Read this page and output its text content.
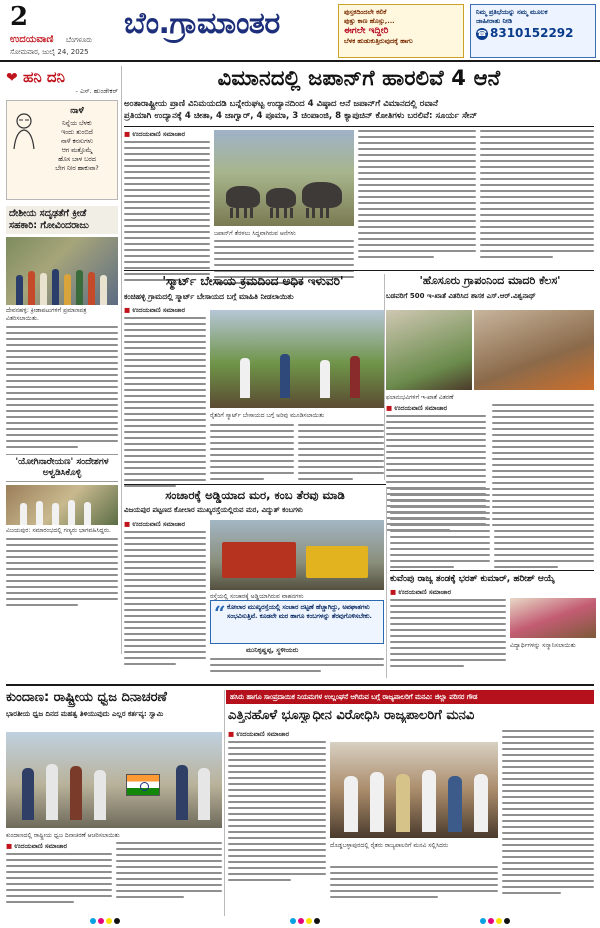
2
ಉದಯವಾಣಿ ಬೆಂಗಳೂರು
ಸೋಮವಾರ, ಜುಲೈ 24, 2025
ಬೆಂ.ಗ್ರಾಮಾಂತರ	ಪುಸ್ತಕದಿಂದಲೇ ಕಲಿಕೆ
ಪುತ್ತು ಕಾಣ ಹೊಸ್ಸು,...
ಈಗಲೇ ಇದ್ದೀರಿ
ಬೆಳಕ ಹುಡುಕುತ್ತಿರುವುದಕ್ಕೆ ಹಾಗು
ನಿಮ್ಮ ಪ್ರತಿಭೆಯನ್ನು ನಮ್ಮ ಮೂಲಕ
ಜಾಹೀರಾತು ನೀಡಿ
☎ 8310152292
❤ ಹನಿ ದನಿ
- ಎಸ್. ಹುಂಡೇಕರ್
ನಾಳೆ
ನಿನ್ನೆಯ ಬೆಳಕು
ಇಂದು ತುಂಬಿದೆ
ನಾಳೆ ಕನಸುಗಳು
ಆಗ ಮತ್ತೊಮ್ಮೆ
ಹೊಸ ಬಾಳ ಬರದ
ಬೇಗ ನೀರ ಹಾಕುವಾ?
ದೇಶೀಯ ಸದೃಢತೆಗೆ ಕ್ರೀಡೆ ಸಹಕಾರಿ: ಗೋವಿಂದರಾಜು
ದೇವನಹಳ್ಳಿ: ಕ್ರೀಡಾಪಟುಗಳಿಗೆ ಪ್ರಮಾಣಪತ್ರ ವಿತರಿಸಲಾಯಿತು.
'ಯೋಗಿನಾರೇಯಣ' ಸಂದೇಶಗಳ ಅಳ್ವಡಿಸಿಕೊಳ್ಳಿ
ವಿಜಯಪುರ: ಸಮಾರಂಭದಲ್ಲಿ ಗಣ್ಯರು ಭಾಗವಹಿಸಿದ್ದರು.
ವಿಮಾನದಲ್ಲಿ ಜಪಾನ್‌ಗೆ ಹಾರಲಿವೆ 4 ಆನೆ
ಅಂತಾರಾಷ್ಟ್ರೀಯ ಪ್ರಾಣಿ ವಿನಿಮಯದಡಿ ಬನ್ನೇರುಘಟ್ಟ ಉದ್ಯಾನದಿಂದ 4 ವಿಷ್ಠಾದ ಆನೆ ಜಪಾನ್‌ಗೆ ವಿಮಾನದಲ್ಲಿ ರವಾನೆ
ಪ್ರತಿಯಾಗಿ ಉದ್ಯಾನಕ್ಕೆ 4 ಚೀತಾ, 4 ಜಾಗ್ವಾರ್, 4 ಪೂಮಾ, 3 ಚಿಂಪಾಂಜಿ, 8 ಕ್ಯಾಪುಚಿನ್ ಕೋತಿಗಳು ಬರಲಿವೆ: ಸೂರ್ಯ ಸೇನ್
■ ಉದಯವಾಣಿ ಸಮಾಚಾರ
ಜಪಾನ್‌ಗೆ ತೆರಳಲು ಸಿದ್ಧವಾಗಿರುವ ಆನೆಗಳು
'ಸ್ಮಾರ್ಟ್ ಬೇಸಾಯ ಕ್ರಮದಿಂದ ಅಧಿಕ ಇಳುವರಿ'
ಕಂಚಿಹಳ್ಳಿ ಗ್ರಾಮದಲ್ಲಿ ಸ್ಮಾರ್ಟ್ ಬೇಸಾಯದ ಬಗ್ಗೆ ಮಾಹಿತಿ ನೀಡಲಾಯಿತು
■ ಉದಯವಾಣಿ ಸಮಾಚಾರ
ರೈತರಿಗೆ ಸ್ಮಾರ್ಟ್ ಬೇಸಾಯದ ಬಗ್ಗೆ ಅರಿವು ಮೂಡಿಸಲಾಯಿತು
'ಹೊಸೂರು ಗ್ರಾಪಂನಿಂದ ಮಾದರಿ ಕೆಲಸ'
ಬಡವರಿಗೆ 500 ಇ-ಖಾತೆ ವಿತರಿಸಿದ ಶಾಸಕ ಎಸ್.ಆರ್.ವಿಶ್ವನಾಥ್
ಫಲಾನುಭವಿಗಳಿಗೆ ಇ-ಖಾತೆ ವಿತರಣೆ
■ ಉದಯವಾಣಿ ಸಮಾಚಾರ
ಸಂಚಾರಕ್ಕೆ ಅಡ್ಡಿಯಾದ ಮರ, ಕಂಬ ತೆರವು ಮಾಡಿ
ವಿಜಯಪುರ ಪಟ್ಟಣದ ಕೋಲಾರ ಮುಖ್ಯರಸ್ತೆಯಲ್ಲಿರುವ ಮರ, ವಿದ್ಯುತ್ ಕಂಬಗಳು
■ ಉದಯವಾಣಿ ಸಮಾಚಾರ
ರಸ್ತೆಯಲ್ಲಿ ಸಂಚಾರಕ್ಕೆ ಅಡ್ಡಿಯಾಗಿರುವ ವಾಹನಗಳು
“ ಕೋಲಾರ ಮುಖ್ಯರಸ್ತೆಯಲ್ಲಿ ಸಂಚಾರ ದಟ್ಟಣೆ ಹೆಚ್ಚಾಗಿದ್ದು, ಅಪಘಾತಗಳು ಸಂಭವಿಸುತ್ತಿವೆ. ಕೂಡಲೇ ಮರ ಹಾಗೂ ಕಂಬಗಳನ್ನು ತೆರವುಗೊಳಿಸಬೇಕು.
ಮುನಿಕೃಷ್ಣಪ್ಪ, ಸ್ಥಳೀಯರು
ಕುವೆಂಪು ರಾಜ್ಯ ತಂಡಕ್ಕೆ ಭರತ್ ಕುಮಾರ್, ಹರೀಶ್ ಆಯ್ಕೆ
■ ಉದಯವಾಣಿ ಸಮಾಚಾರ
ವಿದ್ಯಾರ್ಥಿಗಳನ್ನು ಸನ್ಮಾನಿಸಲಾಯಿತು
ಕುಂದಾಣ: ರಾಷ್ಟ್ರೀಯ ಧ್ವಜ ದಿನಾಚರಣೆ
ಭಾರತೀಯ ಧ್ವಜ ದಿನದ ಮಹತ್ವ ತಿಳಿಯುವುದು ಎಲ್ಲರ ಕರ್ತವ್ಯ: ಸ್ವಾಮಿ
ಕುಂದಾಣದಲ್ಲಿ ರಾಷ್ಟ್ರೀಯ ಧ್ವಜ ದಿನಾಚರಣೆ ಆಚರಿಸಲಾಯಿತು
■ ಉದಯವಾಣಿ ಸಮಾಚಾರ
ಹಸಿರು ಹಾಗೂ ಸಾಂಪ್ರದಾಯಿಕ ನಿಯಮಗಳ ಉಲ್ಲಂಘನೆ ಆಗಿರುವ ಬಗ್ಗೆ ರಾಜ್ಯಪಾಲರಿಗೆ ಮನವಿ: ಜಿಲ್ಲಾ ಪರಿಸರ ಗೌಡ
ಎತ್ತಿನಹೊಳೆ ಭೂಸ್ವಾಧೀನ ವಿರೋಧಿಸಿ ರಾಜ್ಯಪಾಲರಿಗೆ ಮನವಿ
■ ಉದಯವಾಣಿ ಸಮಾಚಾರ
ದೊಡ್ಡಬಳ್ಳಾಪುರದಲ್ಲಿ ರೈತರು ರಾಜ್ಯಪಾಲರಿಗೆ ಮನವಿ ಸಲ್ಲಿಸಿದರು
